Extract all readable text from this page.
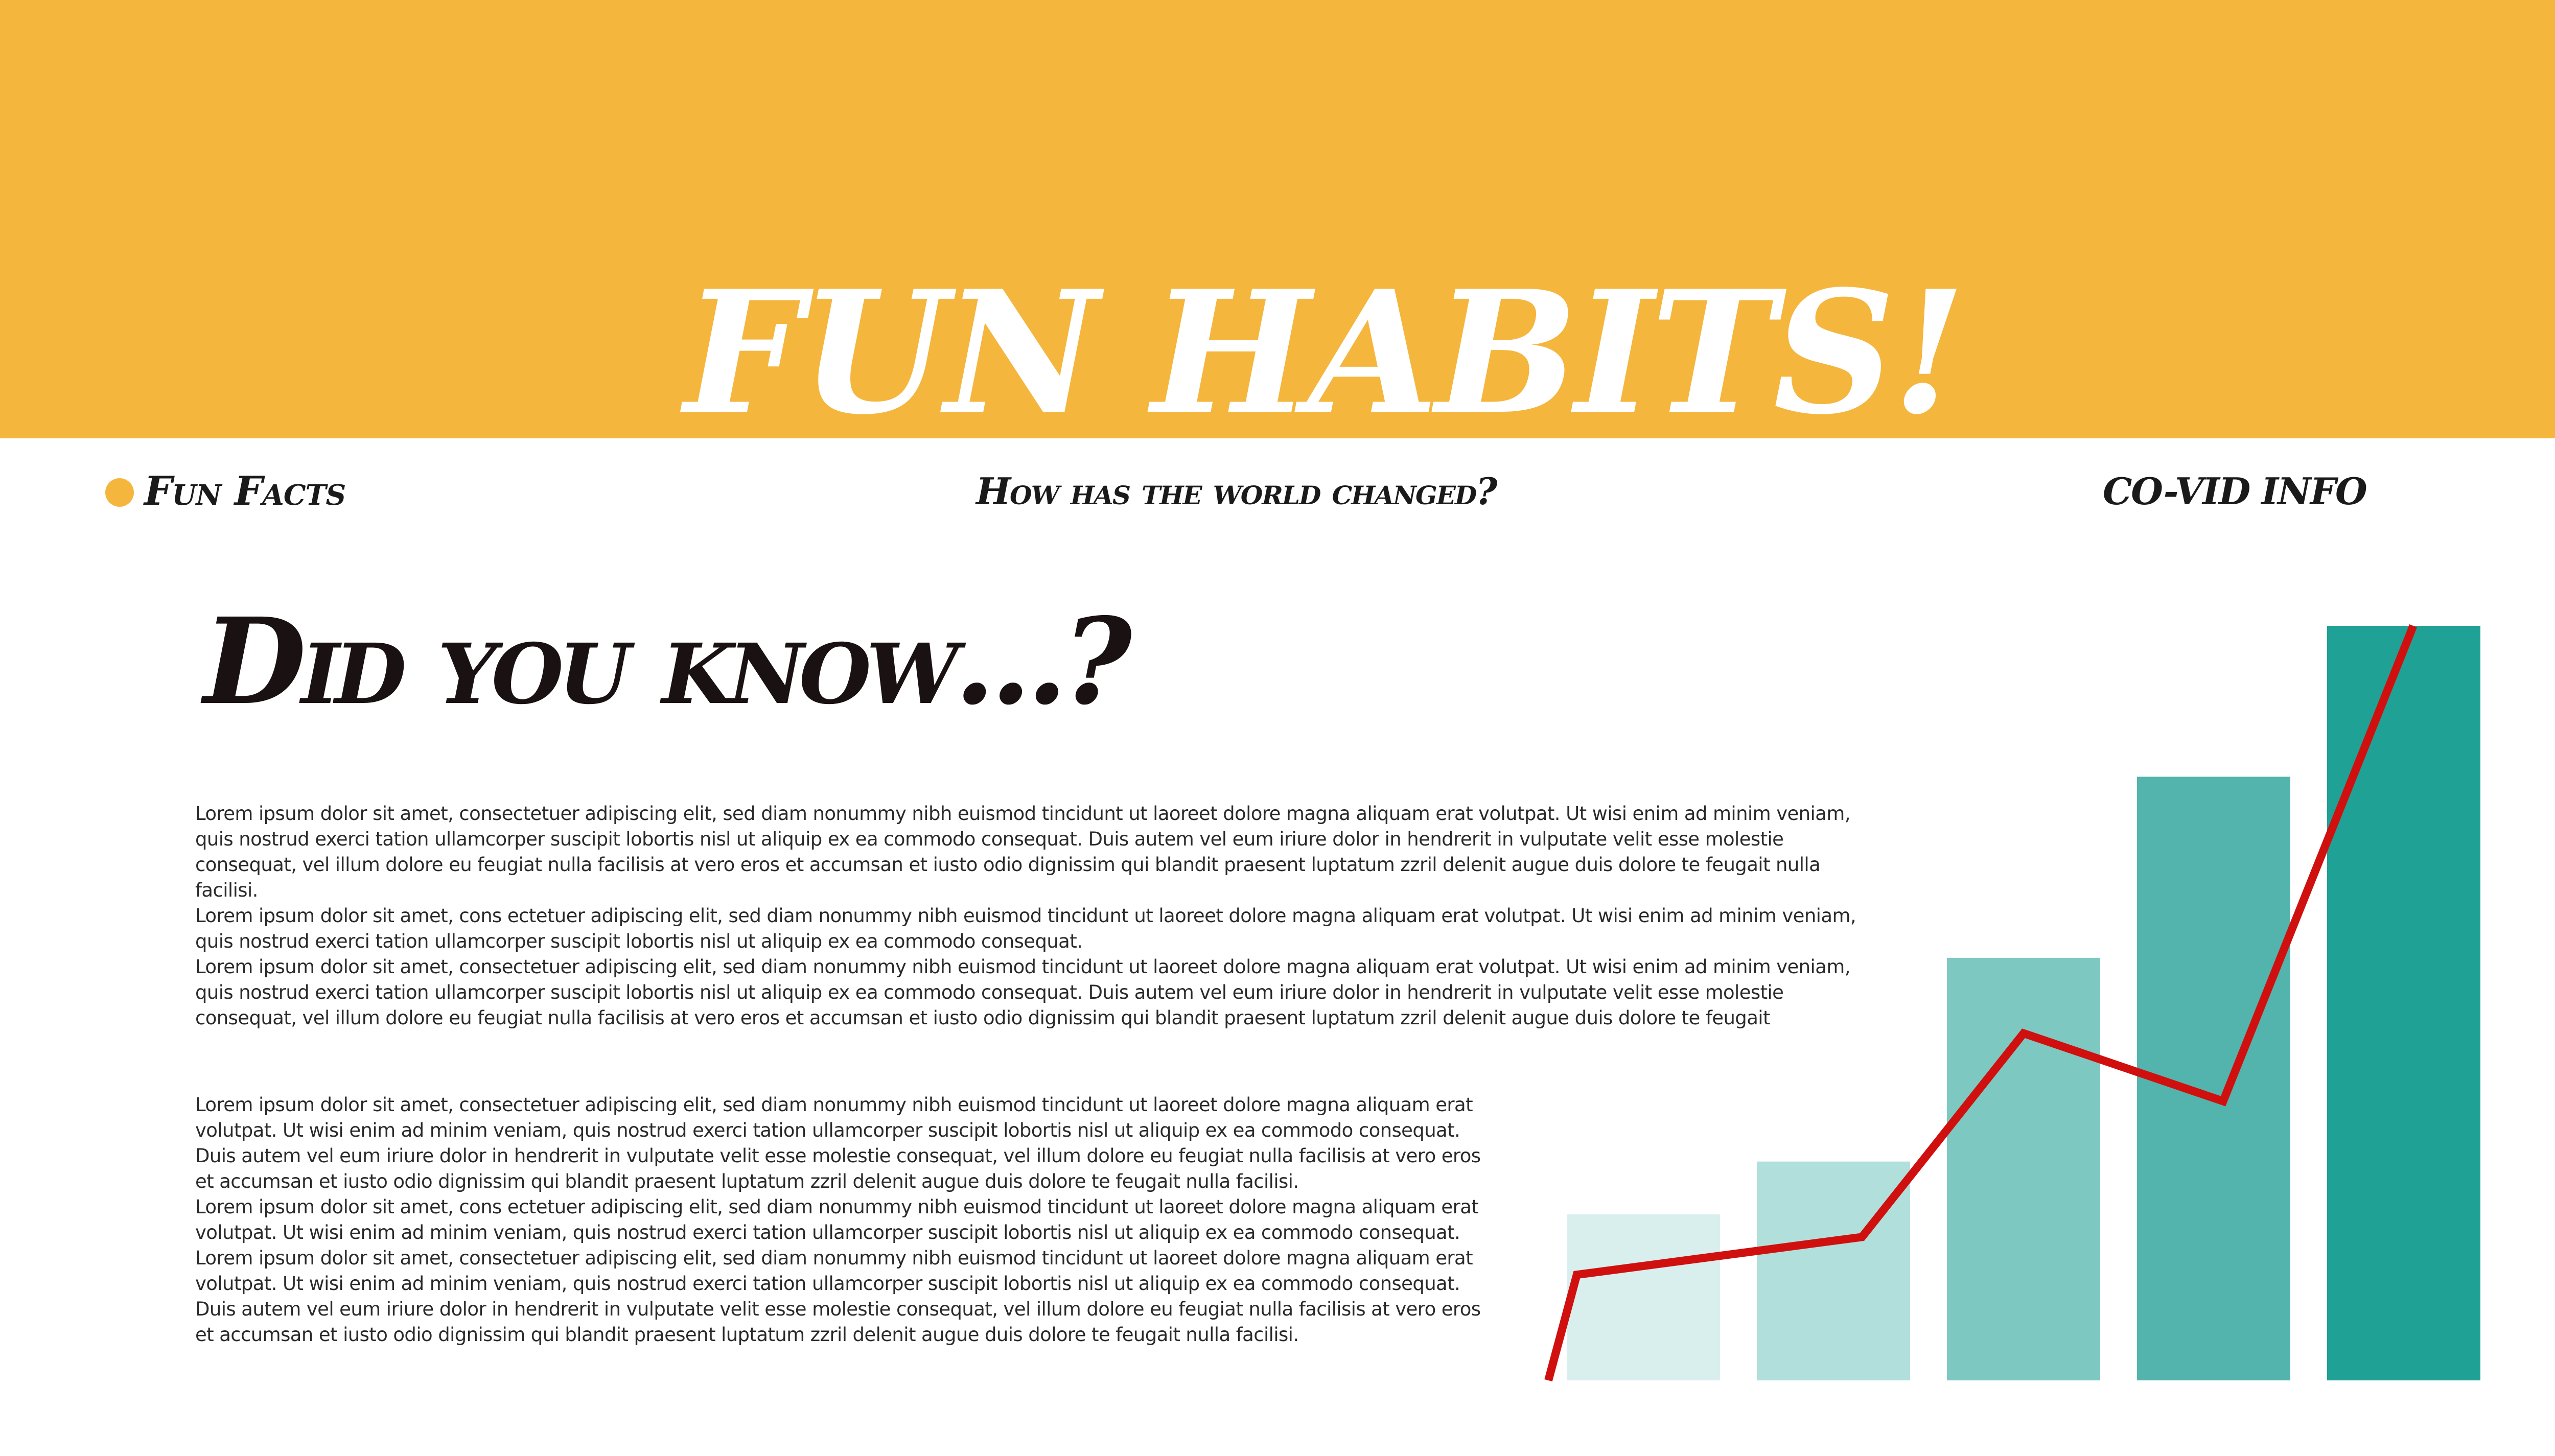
FUN HABITS!
Fun Facts	How has the world changed?	CO-VID INFO
Did you know...?

Lorem ipsum dolor sit amet, consectetuer adipiscing elit, sed diam nonummy nibh euismod tincidunt ut laoreet dolore magna aliquam erat volutpat. Ut wisi enim ad minim veniam, quis nostrud exerci tation ullamcorper suscipit lobortis nisl ut aliquip ex ea commodo consequat. Duis autem vel eum iriure dolor in hendrerit in vulputate velit esse molestie consequat, vel illum dolore eu feugiat nulla facilisis at vero eros et accumsan et iusto odio dignissim qui blandit praesent luptatum zzril delenit augue duis dolore te feugait nulla facilisi.

Lorem ipsum dolor sit amet, cons ectetuer adipiscing elit, sed diam nonummy nibh euismod tincidunt ut laoreet dolore magna aliquam erat volutpat. Ut wisi enim ad minim veniam, quis nostrud exerci tation ullamcorper suscipit lobortis nisl ut aliquip ex ea commodo consequat.

Lorem ipsum dolor sit amet, consectetuer adipiscing elit, sed diam nonummy nibh euismod tincidunt ut laoreet dolore magna aliquam erat volutpat. Ut wisi enim ad minim veniam, quis nostrud exerci tation ullamcorper suscipit lobortis nisl ut aliquip ex ea commodo consequat. Duis autem vel eum iriure dolor in hendrerit in vulputate velit esse molestie consequat, vel illum dolore eu feugiat nulla facilisis at vero eros et accumsan et iusto odio dignissim qui blandit praesent luptatum zzril delenit augue duis dolore te feugait

Lorem ipsum dolor sit amet, consectetuer adipiscing elit, sed diam nonummy nibh euismod tincidunt ut laoreet dolore magna aliquam erat volutpat. Ut wisi enim ad minim veniam, quis nostrud exerci tation ullamcorper suscipit lobortis nisl ut aliquip ex ea commodo consequat. Duis autem vel eum iriure dolor in hendrerit in vulputate velit esse molestie consequat, vel illum dolore eu feugiat nulla facilisis at vero eros et accumsan et iusto odio dignissim qui blandit praesent luptatum zzril delenit augue duis dolore te feugait nulla facilisi.

Lorem ipsum dolor sit amet, cons ectetuer adipiscing elit, sed diam nonummy nibh euismod tincidunt ut laoreet dolore magna aliquam erat volutpat. Ut wisi enim ad minim veniam, quis nostrud exerci tation ullamcorper suscipit lobortis nisl ut aliquip ex ea commodo consequat.

Lorem ipsum dolor sit amet, consectetuer adipiscing elit, sed diam nonummy nibh euismod tincidunt ut laoreet dolore magna aliquam erat volutpat. Ut wisi enim ad minim veniam, quis nostrud exerci tation ullamcorper suscipit lobortis nisl ut aliquip ex ea commodo consequat. Duis autem vel eum iriure dolor in hendrerit in vulputate velit esse molestie consequat, vel illum dolore eu feugiat nulla facilisis at vero eros et accumsan et iusto odio dignissim qui blandit praesent luptatum zzril delenit augue duis dolore te feugait nulla facilisi.
